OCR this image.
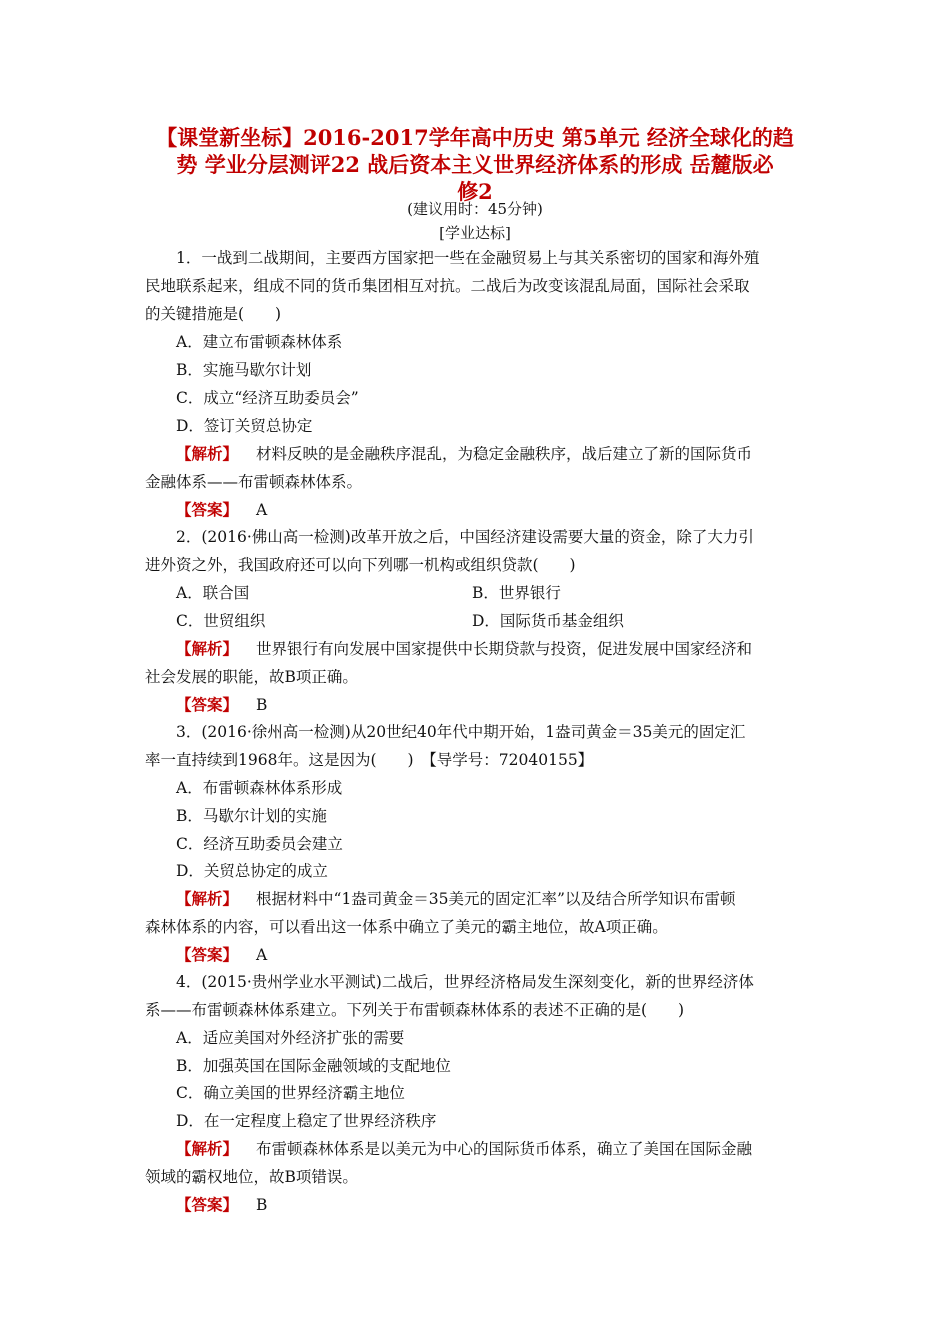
【课堂新坐标】2016-2017学年高中历史 第5单元 经济全球化的趋
势 学业分层测评22 战后资本主义世界经济体系的形成 岳麓版必
修2
(建议用时：45分钟)
[学业达标]
1．一战到二战期间，主要西方国家把一些在金融贸易上与其关系密切的国家和海外殖
民地联系起来，组成不同的货币集团相互对抗。二战后为改变该混乱局面，国际社会采取
的关键措施是(　　)
A．建立布雷顿森林体系
B．实施马歇尔计划
C．成立“经济互助委员会”
D．签订关贸总协定
【解析】 材料反映的是金融秩序混乱，为稳定金融秩序，战后建立了新的国际货币
金融体系——布雷顿森林体系。
【答案】 A
2．(2016·佛山高一检测)改革开放之后，中国经济建设需要大量的资金，除了大力引
进外资之外，我国政府还可以向下列哪一机构或组织贷款(　　)
A．联合国	B．世界银行
C．世贸组织	D．国际货币基金组织
【解析】 世界银行有向发展中国家提供中长期贷款与投资，促进发展中国家经济和
社会发展的职能，故B项正确。
【答案】 B
3．(2016·徐州高一检测)从20世纪40年代中期开始，1盎司黄金＝35美元的固定汇
率一直持续到1968年。这是因为(　　)　【导学号：72040155】
A．布雷顿森林体系形成
B．马歇尔计划的实施
C．经济互助委员会建立
D．关贸总协定的成立
【解析】 根据材料中“1盎司黄金＝35美元的固定汇率”以及结合所学知识布雷顿
森林体系的内容，可以看出这一体系中确立了美元的霸主地位，故A项正确。
【答案】 A
4．(2015·贵州学业水平测试)二战后，世界经济格局发生深刻变化，新的世界经济体
系——布雷顿森林体系建立。下列关于布雷顿森林体系的表述不正确的是(　　)
A．适应美国对外经济扩张的需要
B．加强英国在国际金融领域的支配地位
C．确立美国的世界经济霸主地位
D．在一定程度上稳定了世界经济秩序
【解析】 布雷顿森林体系是以美元为中心的国际货币体系，确立了美国在国际金融
领域的霸权地位，故B项错误。
【答案】 B
